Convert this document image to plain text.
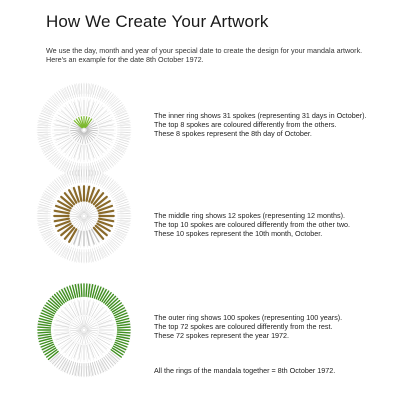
How We Create Your Artwork

We use the day, month and year of your special date to create the design for your mandala artwork. Here's an example for the date 8th October 1972.

The inner ring shows 31 spokes (representing 31 days in October).
The top 8 spokes are coloured differently from the others.
These 8 spokes represent the 8th day of October.

The middle ring shows 12 spokes (representing 12 months).
The top 10 spokes are coloured differently from the other two.
These 10 spokes represent the 10th month, October.

The outer ring shows 100 spokes (representing 100 years).
The top 72 spokes are coloured differently from the rest.
These 72 spokes represent the year 1972.

All the rings of the mandala together = 8th October 1972.
